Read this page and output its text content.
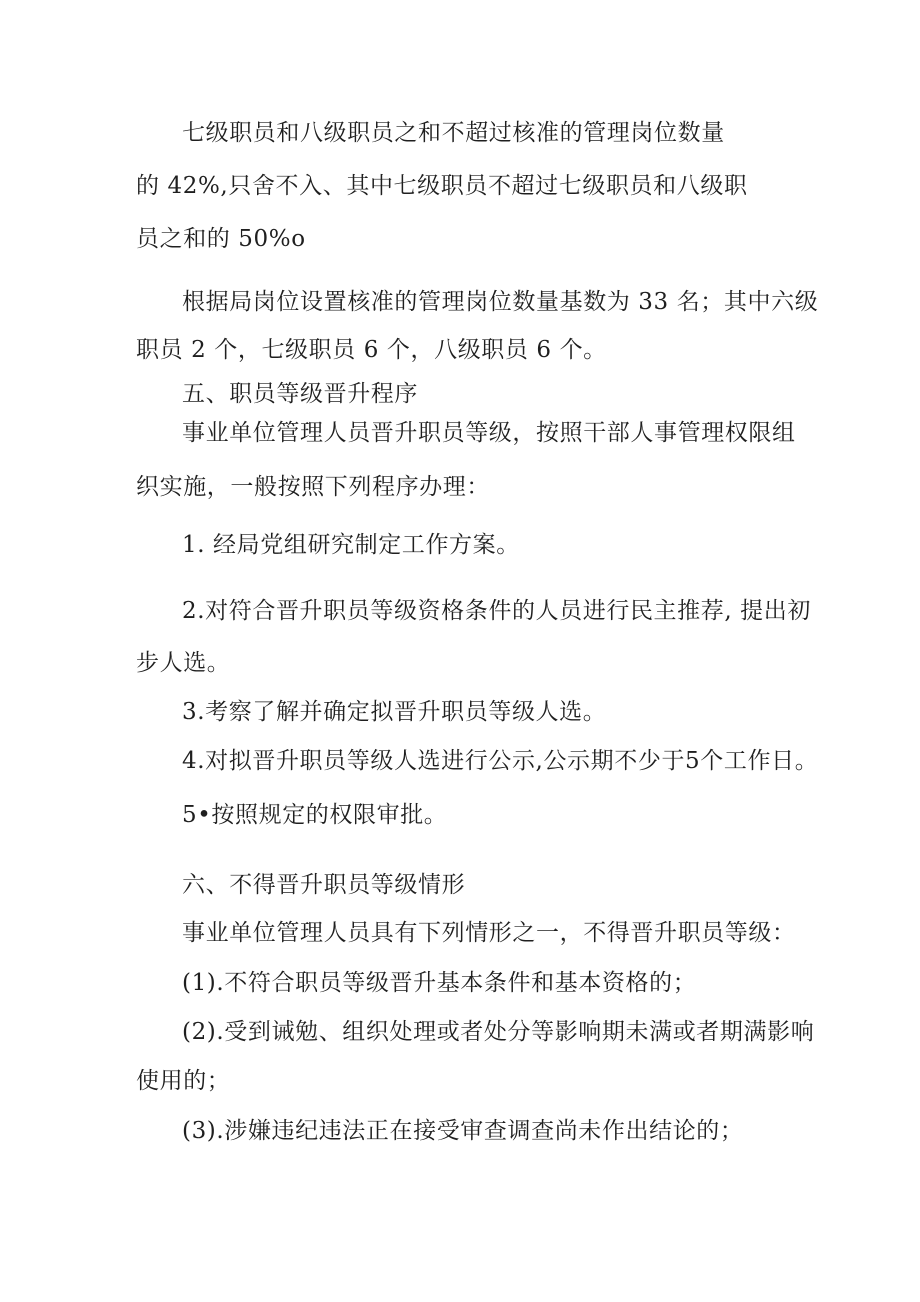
七级职员和八级职员之和不超过核准的管理岗位数量
的 42%,只舍不入、其中七级职员不超过七级职员和八级职
员之和的 50%o
根据局岗位设置核准的管理岗位数量基数为 33 名；其中六级
职员 2 个，七级职员 6 个，八级职员 6 个。
五、职员等级晋升程序
事业单位管理人员晋升职员等级，按照干部人事管理权限组
织实施，一般按照下列程序办理：
1. 经局党组研究制定工作方案。
2.对符合晋升职员等级资格条件的人员进行民主推荐, 提出初
步人选。
3.考察了解并确定拟晋升职员等级人选。
4.对拟晋升职员等级人选进行公示,公示期不少于5个工作日。
5•按照规定的权限审批。
六、不得晋升职员等级情形
事业单位管理人员具有下列情形之一，不得晋升职员等级：
(1).不符合职员等级晋升基本条件和基本资格的；
(2).受到诫勉、组织处理或者处分等影响期未满或者期满影响
使用的；
(3).涉嫌违纪违法正在接受审查调查尚未作出结论的；
